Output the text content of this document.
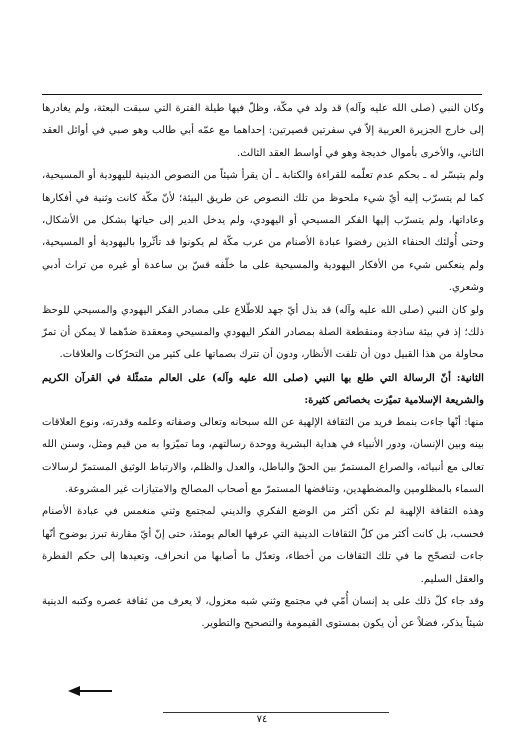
وكان النبي (صلى الله عليه وآله) قد ولد في مكّة، وظلّ فيها طيلة الفترة التي سبقت البعثة، ولم يغادرها إلى خارج الجزيرة العربية إلاّ في سفرتين قصيرتين: إحداهما مع عمّه أبي طالب وهو صبي في أوائل العقد الثاني، والأخرى بأموال خديجة وهو في أواسط العقد الثالث.

ولم يتيسّر له ـ بحكم عدم تعلّمه للقراءة والكتابة ـ أن يقرأ شيئاً من النصوص الدينية لليهودية أو المسيحية، كما لم يتسرّب إليه أيّ شيء ملحوظ من تلك النصوص عن طريق البيئة؛ لأنّ مكّة كانت وثنية في أفكارها وعاداتها، ولم يتسرّب إليها الفكر المسيحي أو اليهودي، ولم يدخل الدير إلى حياتها بشكل من الأشكال، وحتى أُولئك الحنفاء الذين رفضوا عبادة الأصنام من عرب مكّة لم يكونوا قد تأثّروا باليهودية أو المسيحية، ولم ينعكس شيء من الأفكار اليهودية والمسيحية على ما خلّفه قسّ بن ساعدة أو غيره من تراث أدبي وشعري.

ولو كان النبي (صلى الله عليه وآله) قد بذل أيّ جهد للاطّلاع على مصادر الفكر اليهودي والمسيحي للوحظ ذلك؛ إذ في بيئة ساذجة ومنقطعة الصلة بمصادر الفكر اليهودي والمسيحي ومعقدة ضدّهما لا يمكن أن تمرّ محاولة من هذا القبيل دون أن تلفت الأنظار، ودون أن تترك بصماتها على كثير من التحرّكات والعلاقات.

الثانية: أنّ الرسالة التي طلع بها النبي (صلى الله عليه وآله) على العالم متمثّلة في القرآن الكريم والشريعة الإسلامية تميّزت بخصائص كثيرة:

منها: أنّها جاءت بنمط فريد من الثقافة الإلهية عن الله سبحانه وتعالى وصفاته وعلمه وقدرته، ونوع العلاقات بينه وبين الإنسان، ودور الأنبياء في هداية البشرية ووحدة رسالتهم، وما تميّزوا به من قيم ومثل، وسنن الله تعالى مع أنبيائه، والصراع المستمرّ بين الحقّ والباطل، والعدل والظلم، والارتباط الوثيق المستمرّ لرسالات السماء بالمظلومين والمضطهدين، وتناقضها المستمرّ مع أصحاب المصالح والامتيازات غير المشروعة.

وهذه الثقافة الإلهية لم تكن أكثر من الوضع الفكري والديني لمجتمع وثني منغمس في عبادة الأصنام فحسب، بل كانت أكثر من كلّ الثقافات الدينية التي عرفها العالم يومئذ، حتى إنّ أيّ مقارنة تبرز بوضوح أنّها جاءت لتصحّح ما في تلك الثقافات من أخطاء، وتعدّل ما أصابها من انحراف، وتعيدها إلى حكم الفطرة والعقل السليم.

وقد جاء كلّ ذلك على يد إنسان أُمّي في مجتمع وثني شبه معزول، لا يعرف من ثقافة عصره وكتبه الدينية شيئاً يذكر، فضلاً عن أن يكون بمستوى القيمومة والتصحيح والتطوير.

٧٤
